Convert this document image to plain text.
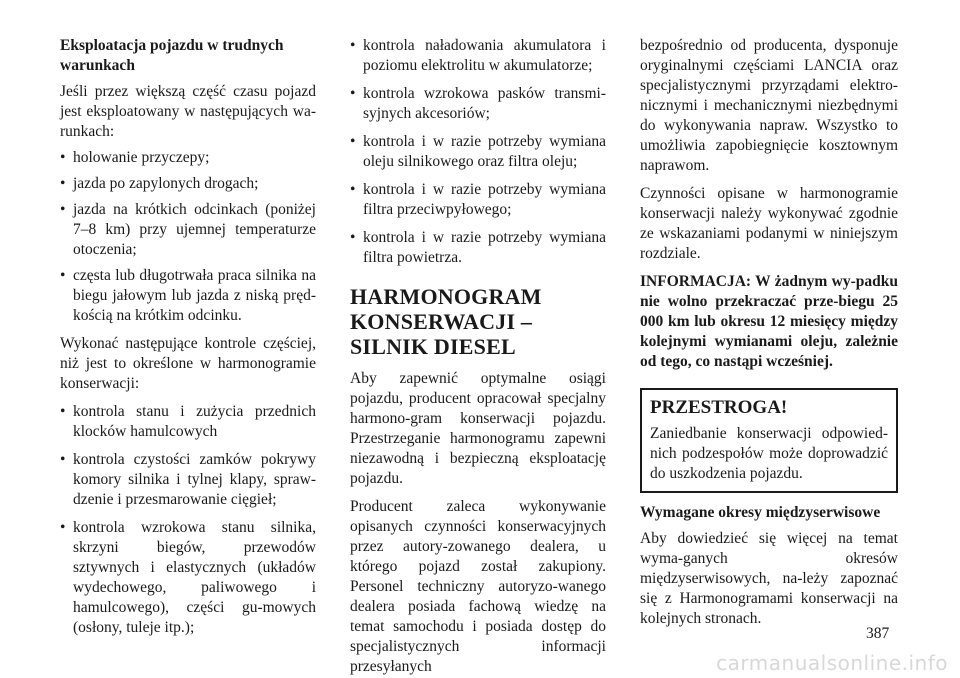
Eksploatacja pojazdu w trudnych warunkach

Jeśli przez większą część czasu pojazd jest eksploatowany w następujących wa-runkach:

• holowanie przyczepy;
• jazda po zapylonych drogach;
• jazda na krótkich odcinkach (poniżej 7–8 km) przy ujemnej temperaturze otoczenia;
• częsta lub długotrwała praca silnika na biegu jałowym lub jazda z niską pręd-kością na krótkim odcinku.

Wykonać następujące kontrole częściej, niż jest to określone w harmonogramie konserwacji:

• kontrola stanu i zużycia przednich klocków hamulcowych
• kontrola czystości zamków pokrywy komory silnika i tylnej klapy, spraw-dzenie i przesmarowanie cięgieł;
• kontrola wzrokowa stanu silnika, skrzyni biegów, przewodów sztywnych i elastycznych (układów wydechowego, paliwowego i hamulcowego), części gu-mowych (osłony, tuleje itp.);
• kontrola naładowania akumulatora i poziomu elektrolitu w akumulatorze;
• kontrola wzrokowa pasków transmi-syjnych akcesoriów;
• kontrola i w razie potrzeby wymiana oleju silnikowego oraz filtra oleju;
• kontrola i w razie potrzeby wymiana filtra przeciwpyłowego;
• kontrola i w razie potrzeby wymiana filtra powietrza.

HARMONOGRAM KONSERWACJI – SILNIK DIESEL

Aby zapewnić optymalne osiągi pojazdu, producent opracował specjalny harmono-gram konserwacji pojazdu. Przestrzeganie harmonogramu zapewni niezawodną i bezpieczną eksploatację pojazdu.

Producent zaleca wykonywanie opisanych czynności konserwacyjnych przez autory-zowanego dealera, u którego pojazd został zakupiony. Personel techniczny autoryzo-wanego dealera posiada fachową wiedzę na temat samochodu i posiada dostęp do specjalistycznych informacji przesyłanych

bezpośrednio od producenta, dysponuje oryginalnymi częściami LANCIA oraz specjalistycznymi przyrządami elektro-nicznymi i mechanicznymi niezbędnymi do wykonywania napraw. Wszystko to umożliwia zapobiegnięcie kosztownym naprawom.

Czynności opisane w harmonogramie konserwacji należy wykonywać zgodnie ze wskazaniami podanymi w niniejszym rozdziale.

INFORMACJA: W żadnym wy-padku nie wolno przekraczać prze-biegu 25 000 km lub okresu 12 miesięcy między kolejnymi wymianami oleju, zależnie od tego, co nastąpi wcześniej.

PRZESTROGA!

Zaniedbanie konserwacji odpowied-nich podzespołów może doprowadzić do uszkodzenia pojazdu.

Wymagane okresy międzyserwisowe

Aby dowiedzieć się więcej na temat wyma-ganych okresów międzyserwisowych, na-leży zapoznać się z Harmonogramami konserwacji na kolejnych stronach.

387
carmanualsonline.info
